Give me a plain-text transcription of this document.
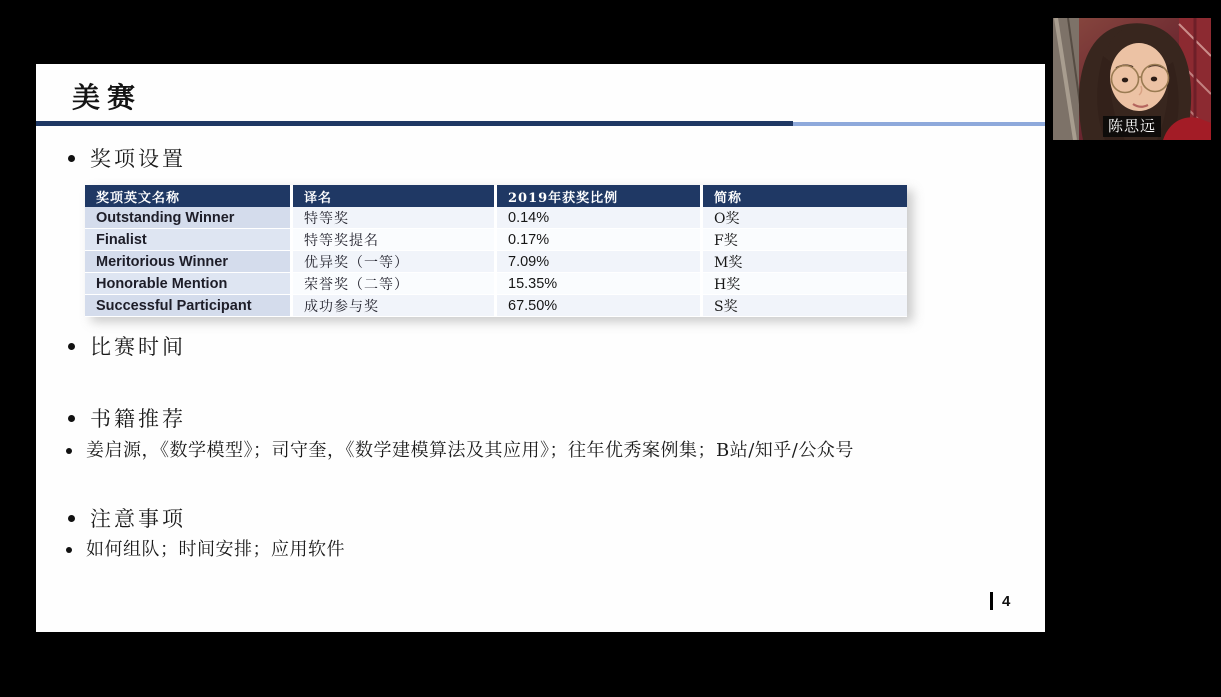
美赛
奖项设置
奖项英文名称	译名	2019年获奖比例	简称
Outstanding Winner	特等奖	0.14%	O奖
Finalist	特等奖提名	0.17%	F奖
Meritorious Winner	优异奖（一等）	7.09%	M奖
Honorable Mention	荣誉奖（二等）	15.35%	H奖
Successful Participant	成功参与奖	67.50%	S奖
比赛时间
书籍推荐
姜启源，《数学模型》；司守奎，《数学建模算法及其应用》；往年优秀案例集；B站/知乎/公众号
注意事项
如何组队；时间安排；应用软件
4
陈思远
